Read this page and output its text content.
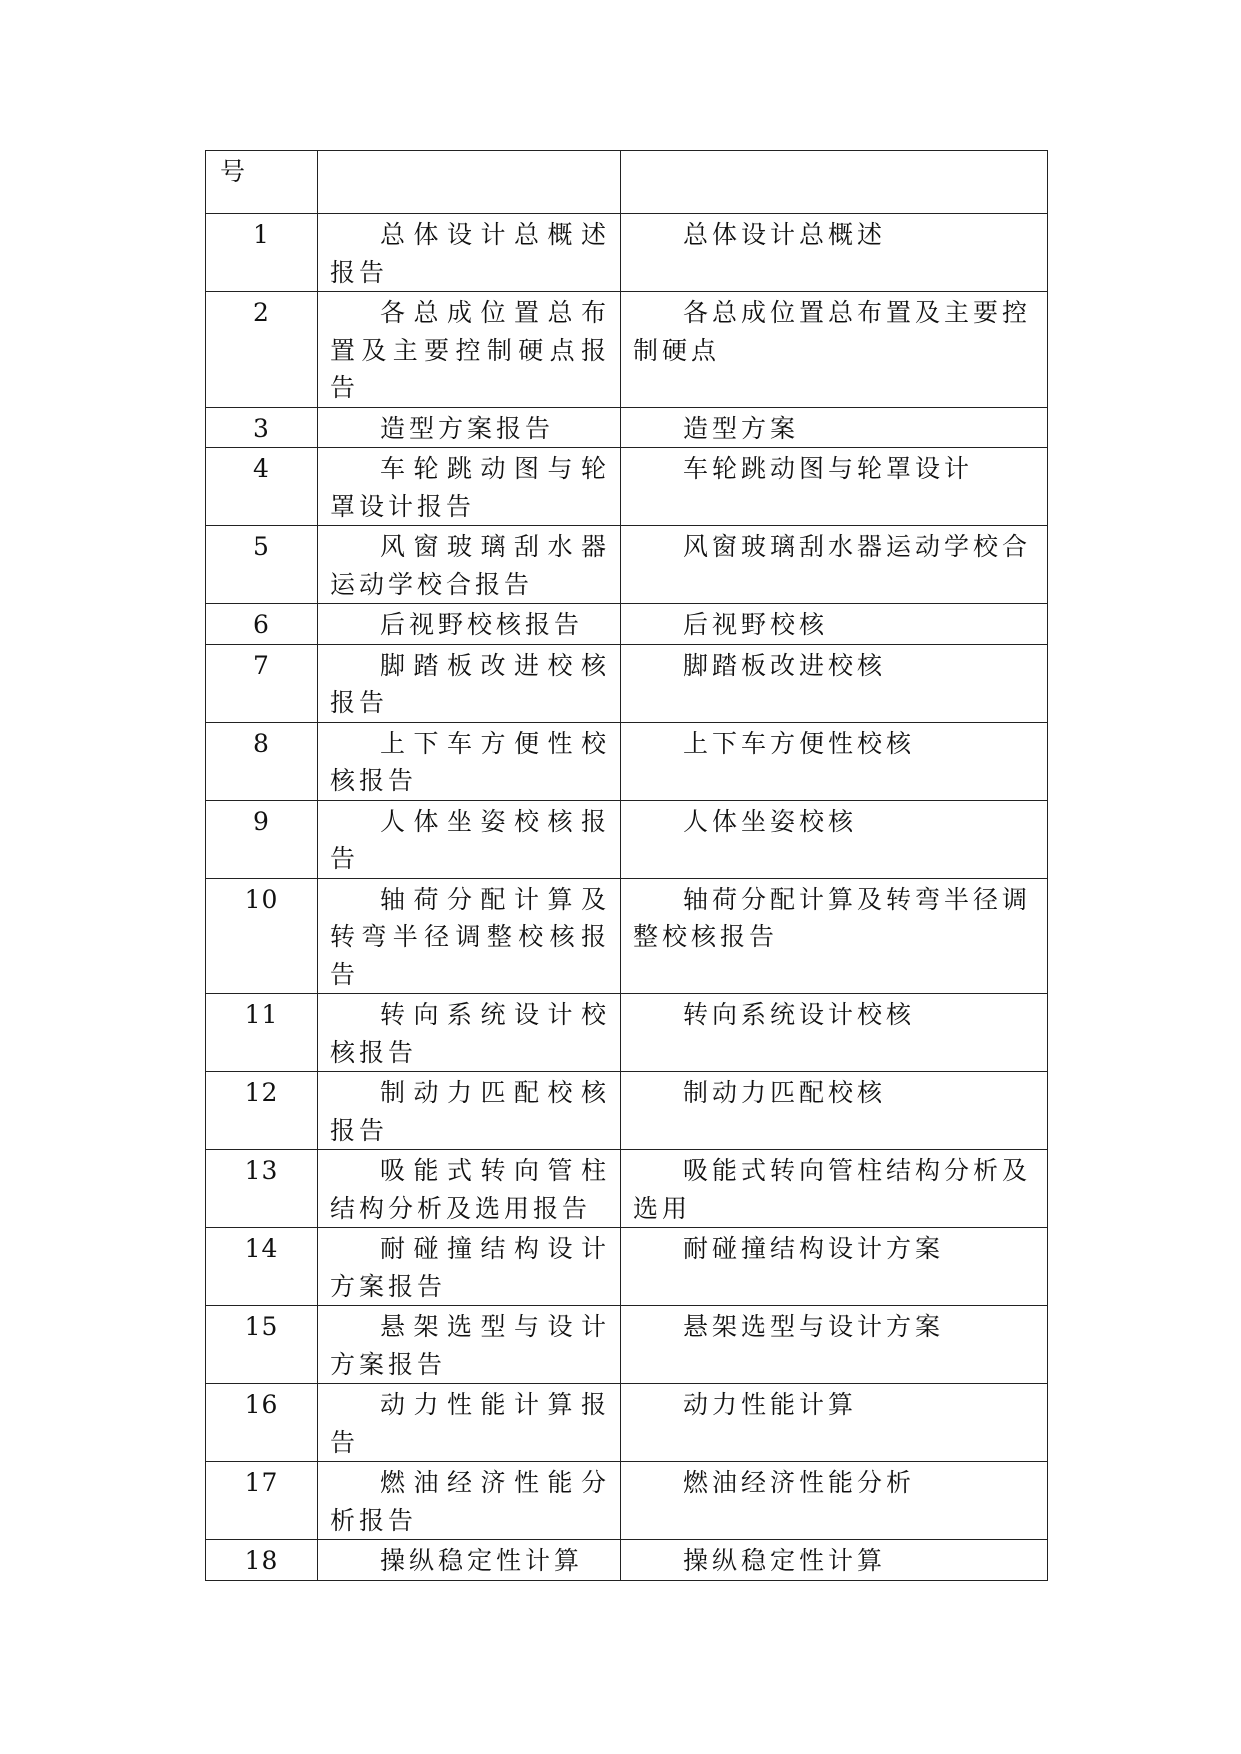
号		
1	总体设计总概述报告	总体设计总概述
2	各总成位置总布置及主要控制硬点报告	各总成位置总布置及主要控制硬点
3	造型方案报告	造型方案
4	车轮跳动图与轮罩设计报告	车轮跳动图与轮罩设计
5	风窗玻璃刮水器运动学校合报告	风窗玻璃刮水器运动学校合
6	后视野校核报告	后视野校核
7	脚踏板改进校核报告	脚踏板改进校核
8	上下车方便性校核报告	上下车方便性校核
9	人体坐姿校核报告	人体坐姿校核
10	轴荷分配计算及转弯半径调整校核报告	轴荷分配计算及转弯半径调整校核报告
11	转向系统设计校核报告	转向系统设计校核
12	制动力匹配校核报告	制动力匹配校核
13	吸能式转向管柱结构分析及选用报告	吸能式转向管柱结构分析及选用
14	耐碰撞结构设计方案报告	耐碰撞结构设计方案
15	悬架选型与设计方案报告	悬架选型与设计方案
16	动力性能计算报告	动力性能计算
17	燃油经济性能分析报告	燃油经济性能分析
18	操纵稳定性计算	操纵稳定性计算
